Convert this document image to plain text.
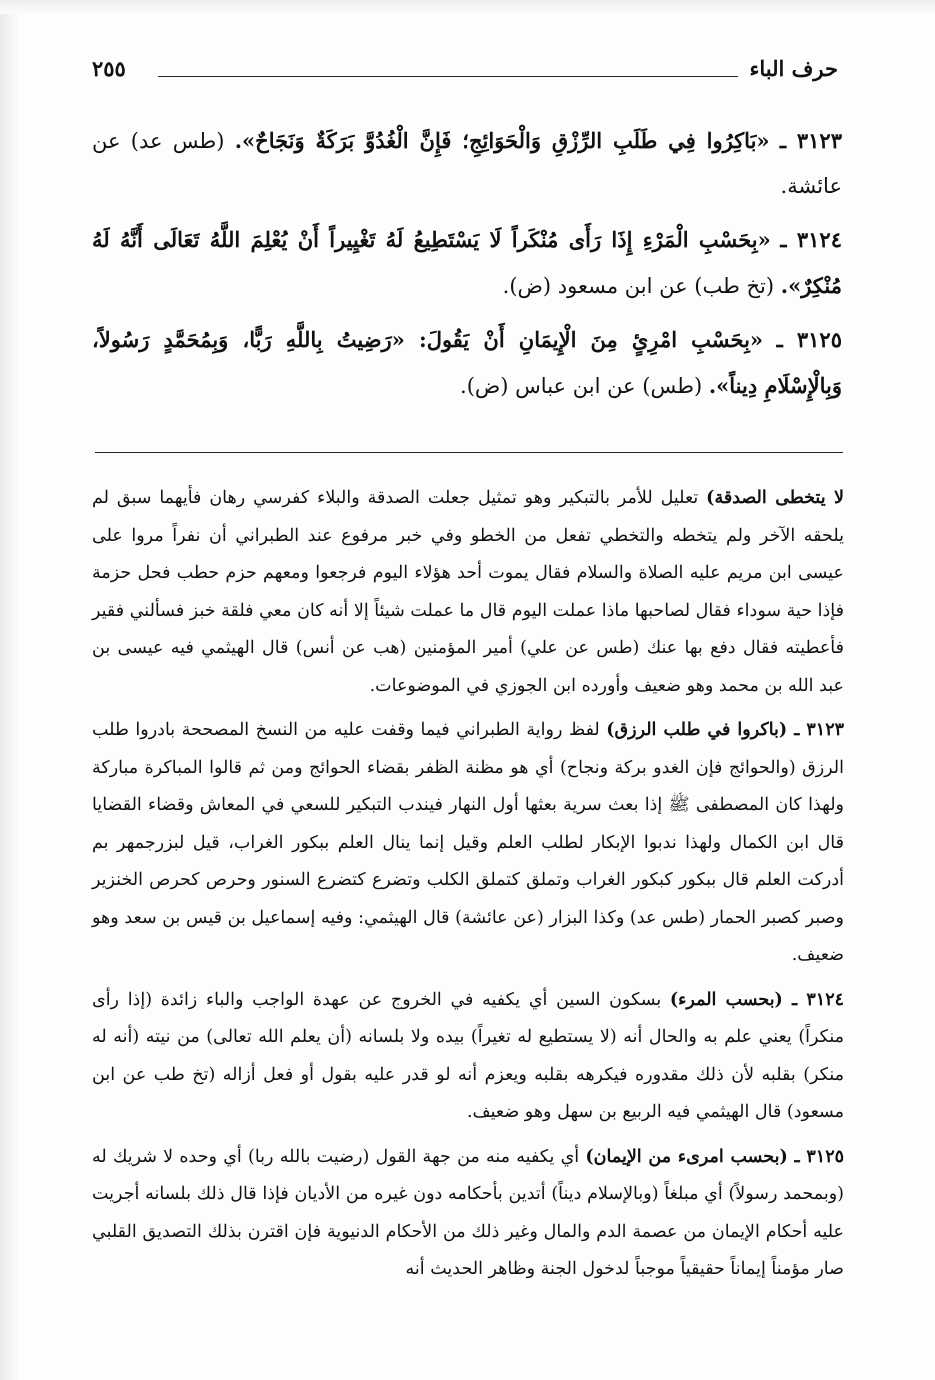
حرف الباء
٢٥٥

٣١٢٣ ـ «بَاكِرُوا فِي طَلَبِ الرِّزْقِ وَالْحَوَائِجِ؛ فَإِنَّ الْغُدُوَّ بَرَكَةٌ وَنَجَاحٌ». (طس عد) عن عائشة.

٣١٢٤ ـ «بِحَسْبِ الْمَرْءِ إِذَا رَأَى مُنْكَراً لَا يَسْتَطِيعُ لَهُ تَغْيِيراً أَنْ يُعْلِمَ اللَّهُ تَعَالَى أَنَّهُ لَهُ مُنْكِرٌ». (تخ طب) عن ابن مسعود (ض).

٣١٢٥ ـ «بِحَسْبِ امْرِئٍ مِنَ الْإِيمَانِ أَنْ يَقُولَ: «رَضِيتُ بِاللَّهِ رَبًّا، وَبِمُحَمَّدٍ رَسُولاً، وَبِالْإِسْلَامِ دِيناً». (طس) عن ابن عباس (ض).

لا يتخطى الصدقة) تعليل للأمر بالتبكير وهو تمثيل جعلت الصدقة والبلاء كفرسي رهان فأيهما سبق لم يلحقه الآخر ولم يتخطه والتخطي تفعل من الخطو وفي خبر مرفوع عند الطبراني أن نفراً مروا على عيسى ابن مريم عليه الصلاة والسلام فقال يموت أحد هؤلاء اليوم فرجعوا ومعهم حزم حطب فحل حزمة فإذا حية سوداء فقال لصاحبها ماذا عملت اليوم قال ما عملت شيئاً إلا أنه كان معي فلقة خبز فسألني فقير فأعطيته فقال دفع بها عنك (طس عن علي) أمير المؤمنين (هب عن أنس) قال الهيثمي فيه عيسى بن عبد الله بن محمد وهو ضعيف وأورده ابن الجوزي في الموضوعات.

٣١٢٣ ـ (باكروا في طلب الرزق) لفظ رواية الطبراني فيما وقفت عليه من النسخ المصححة بادروا طلب الرزق (والحوائج فإن الغدو بركة ونجاح) أي هو مظنة الظفر بقضاء الحوائج ومن ثم قالوا المباكرة مباركة ولهذا كان المصطفى ﷺ إذا بعث سرية بعثها أول النهار فيندب التبكير للسعي في المعاش وقضاء القضايا قال ابن الكمال ولهذا ندبوا الإبكار لطلب العلم وقيل إنما ينال العلم ببكور الغراب، قيل لبزرجمهر بم أدركت العلم قال ببكور كبكور الغراب وتملق كتملق الكلب وتضرع كتضرع السنور وحرص كحرص الخنزير وصبر كصبر الحمار (طس عد) وكذا البزار (عن عائشة) قال الهيثمي: وفيه إسماعيل بن قيس بن سعد وهو ضعيف.

٣١٢٤ ـ (بحسب المرء) بسكون السين أي يكفيه في الخروج عن عهدة الواجب والباء زائدة (إذا رأى منكراً) يعني علم به والحال أنه (لا يستطيع له تغيراً) بيده ولا بلسانه (أن يعلم الله تعالى) من نيته (أنه له منكر) بقلبه لأن ذلك مقدوره فيكرهه بقلبه ويعزم أنه لو قدر عليه بقول أو فعل أزاله (تخ طب عن ابن مسعود) قال الهيثمي فيه الربيع بن سهل وهو ضعيف.

٣١٢٥ ـ (بحسب امرىء من الإيمان) أي يكفيه منه من جهة القول (رضيت بالله ربا) أي وحده لا شريك له (وبمحمد رسولاً) أي مبلغاً (وبالإسلام ديناً) أتدين بأحكامه دون غيره من الأديان فإذا قال ذلك بلسانه أجريت عليه أحكام الإيمان من عصمة الدم والمال وغير ذلك من الأحكام الدنيوية فإن اقترن بذلك التصديق القلبي صار مؤمناً إيماناً حقيقياً موجباً لدخول الجنة وظاهر الحديث أنه
